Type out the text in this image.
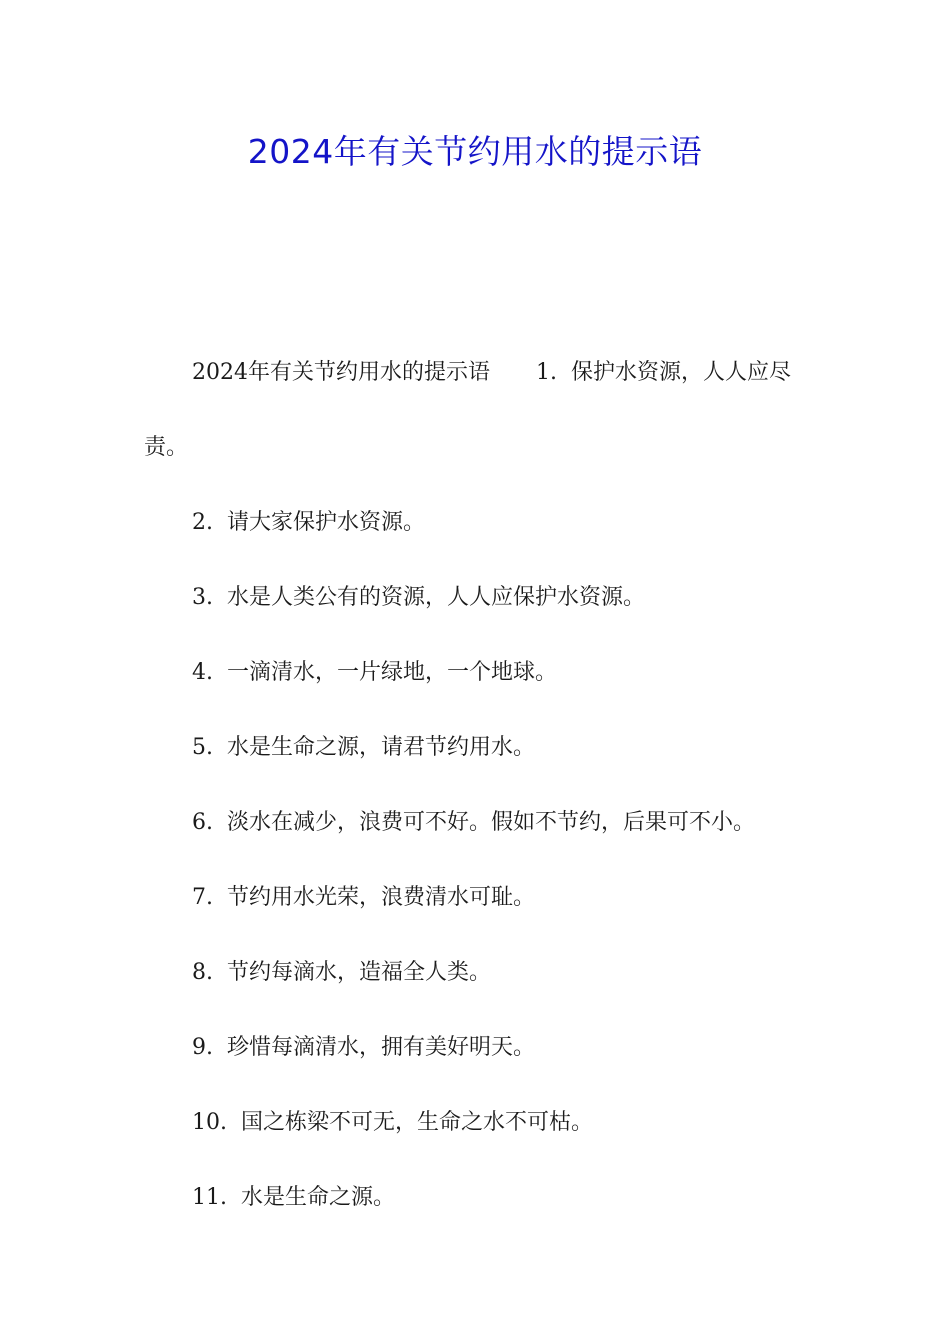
2024年有关节约用水的提示语

2024年有关节约用水的提示语 1. 保护水资源，人人应尽责。

2. 请大家保护水资源。

3. 水是人类公有的资源，人人应保护水资源。

4. 一滴清水，一片绿地，一个地球。

5. 水是生命之源，请君节约用水。

6. 淡水在减少，浪费可不好。假如不节约，后果可不小。

7. 节约用水光荣，浪费清水可耻。

8. 节约每滴水，造福全人类。

9. 珍惜每滴清水，拥有美好明天。

10. 国之栋梁不可无，生命之水不可枯。

11. 水是生命之源。
